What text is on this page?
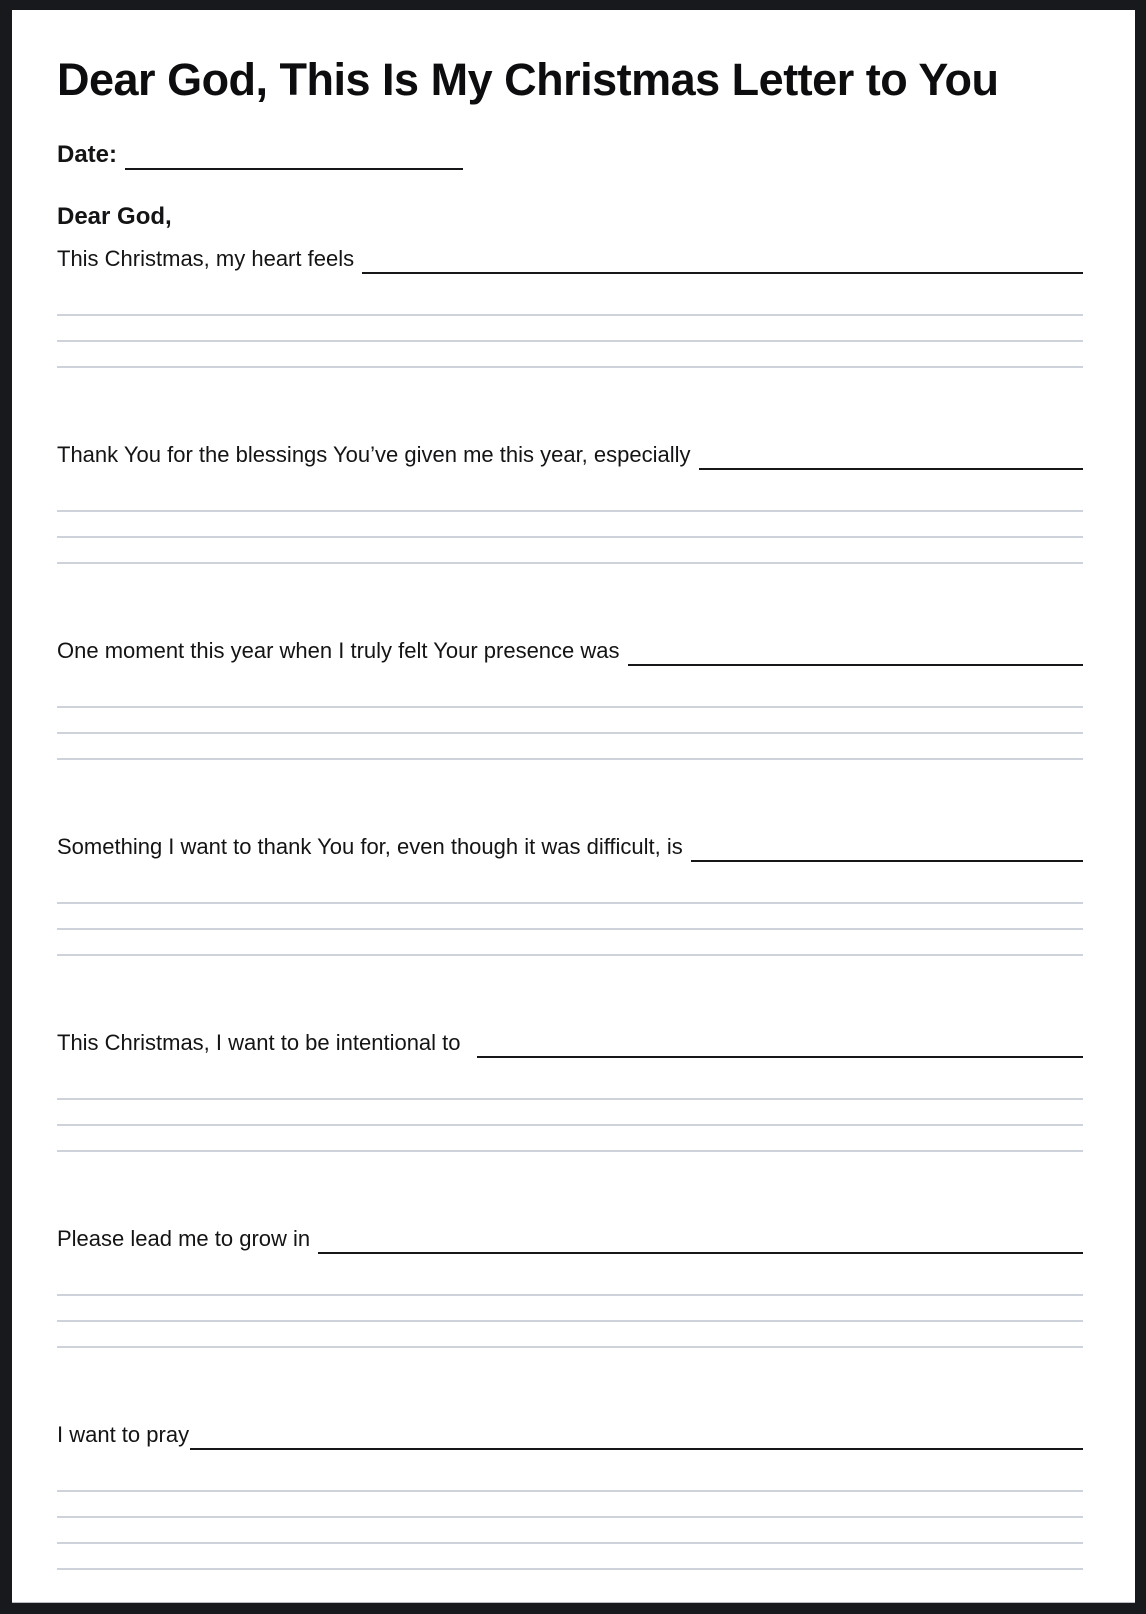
Dear God, This Is My Christmas Letter to You
Date:
Dear God,
This Christmas, my heart feels
Thank You for the blessings You’ve given me this year, especially
One moment this year when I truly felt Your presence was
Something I want to thank You for, even though it was difficult, is
This Christmas, I want to be intentional to
Please lead me to grow in
I want to pray
